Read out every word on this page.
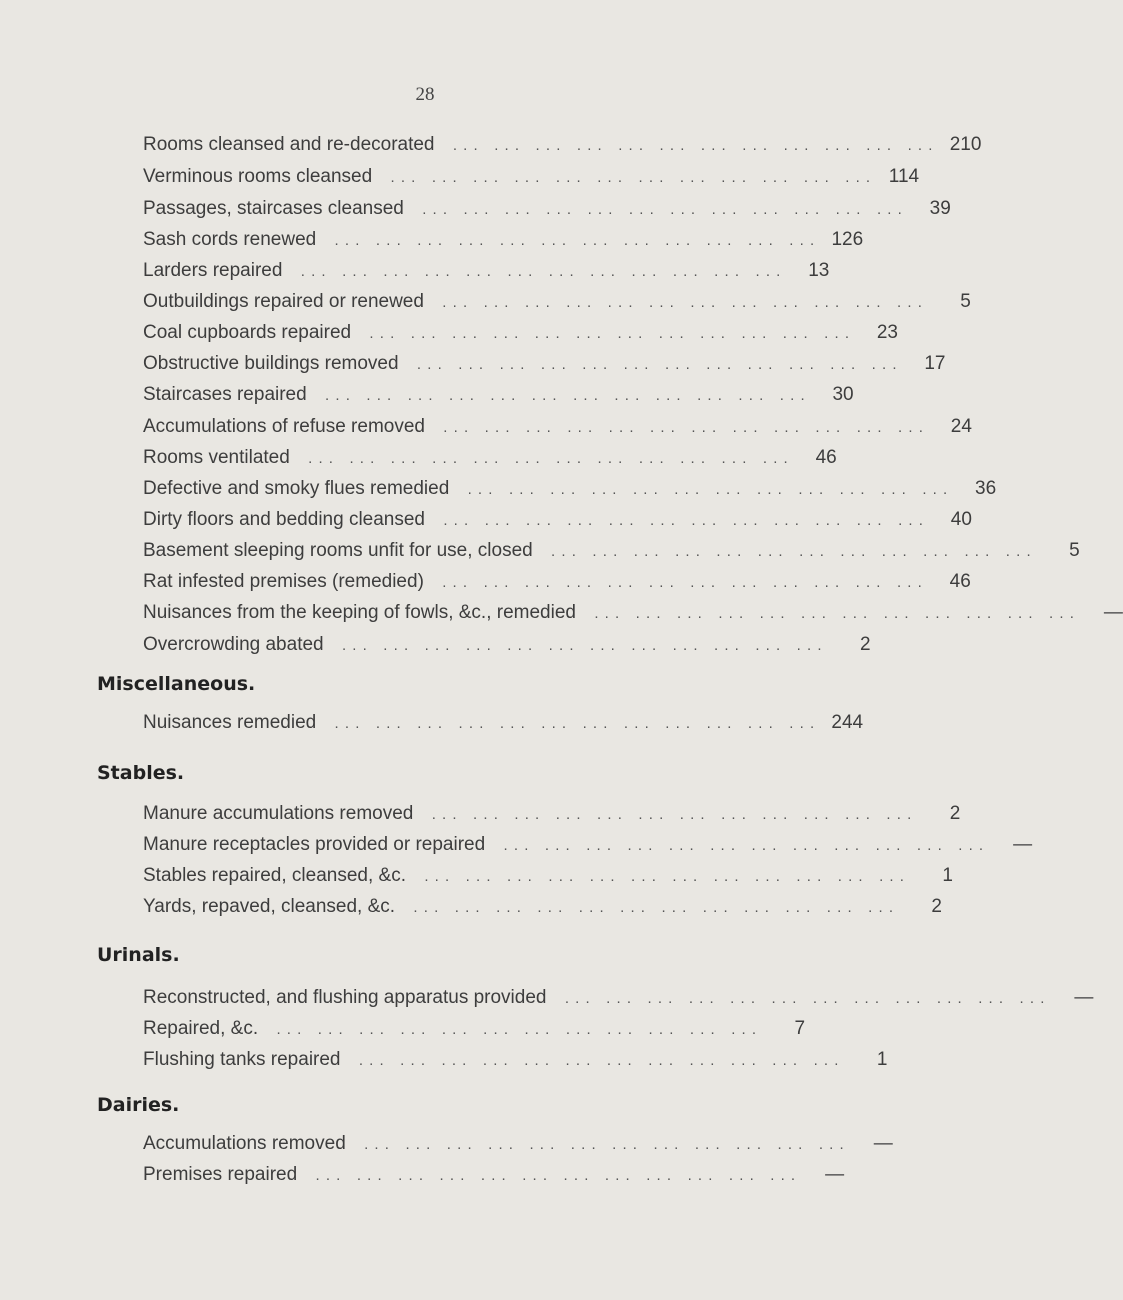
28
Rooms cleansed and re-decorated . . .   . . .   . . .   . . .   . . .   . . .   . . .   . . .   . . .   . . .   . . .   . . . 210
Verminous rooms cleansed . . .   . . .   . . .   . . .   . . .   . . .   . . .   . . .   . . .   . . .   . . .   . . . 114
Passages, staircases cleansed . . .   . . .   . . .   . . .   . . .   . . .   . . .   . . .   . . .   . . .   . . .   . . .	39
Sash cords renewed . . .   . . .   . . .   . . .   . . .   . . .   . . .   . . .   . . .   . . .   . . .   . . . 126
Larders repaired . . .   . . .   . . .   . . .   . . .   . . .   . . .   . . .   . . .   . . .   . . .   . . .	13
Outbuildings repaired or renewed . . .   . . .   . . .   . . .   . . .   . . .   . . .   . . .   . . .   . . .   . . .   . . .	5
Coal cupboards repaired . . .   . . .   . . .   . . .   . . .   . . .   . . .   . . .   . . .   . . .   . . .   . . .	23
Obstructive buildings removed . . .   . . .   . . .   . . .   . . .   . . .   . . .   . . .   . . .   . . .   . . .   . . .	17
Staircases repaired . . .   . . .   . . .   . . .   . . .   . . .   . . .   . . .   . . .   . . .   . . .   . . .	30
Accumulations of refuse removed . . .   . . .   . . .   . . .   . . .   . . .   . . .   . . .   . . .   . . .   . . .   . . .	24
Rooms ventilated . . .   . . .   . . .   . . .   . . .   . . .   . . .   . . .   . . .   . . .   . . .   . . .	46
Defective and smoky flues remedied . . .   . . .   . . .   . . .   . . .   . . .   . . .   . . .   . . .   . . .   . . .   . . .	36
Dirty floors and bedding cleansed . . .   . . .   . . .   . . .   . . .   . . .   . . .   . . .   . . .   . . .   . . .   . . .	40
Basement sleeping rooms unfit for use, closed . . .   . . .   . . .   . . .   . . .   . . .   . . .   . . .   . . .   . . .   . . .   . . .	5
Rat infested premises (remedied) . . .   . . .   . . .   . . .   . . .   . . .   . . .   . . .   . . .   . . .   . . .   . . .	46
Nuisances from the keeping of fowls, &c., remedied . . .   . . .   . . .   . . .   . . .   . . .   . . .   . . .   . . .   . . .   . . .   . . .	—
Overcrowding abated . . .   . . .   . . .   . . .   . . .   . . .   . . .   . . .   . . .   . . .   . . .   . . .	2
Miscellaneous.
Nuisances remedied . . .   . . .   . . .   . . .   . . .   . . .   . . .   . . .   . . .   . . .   . . .   . . . 244
Stables.
Manure accumulations removed . . .   . . .   . . .   . . .   . . .   . . .   . . .   . . .   . . .   . . .   . . .   . . .	2
Manure receptacles provided or repaired . . .   . . .   . . .   . . .   . . .   . . .   . . .   . . .   . . .   . . .   . . .   . . .	—
Stables repaired, cleansed, &c. . . .   . . .   . . .   . . .   . . .   . . .   . . .   . . .   . . .   . . .   . . .   . . .	1
Yards, repaved, cleansed, &c. . . .   . . .   . . .   . . .   . . .   . . .   . . .   . . .   . . .   . . .   . . .   . . .	2
Urinals.
Reconstructed, and flushing apparatus provided . . .   . . .   . . .   . . .   . . .   . . .   . . .   . . .   . . .   . . .   . . .   . . .	—
Repaired, &c. . . .   . . .   . . .   . . .   . . .   . . .   . . .   . . .   . . .   . . .   . . .   . . .	7
Flushing tanks repaired . . .   . . .   . . .   . . .   . . .   . . .   . . .   . . .   . . .   . . .   . . .   . . .	1
Dairies.
Accumulations removed . . .   . . .   . . .   . . .   . . .   . . .   . . .   . . .   . . .   . . .   . . .   . . .	—
Premises repaired . . .   . . .   . . .   . . .   . . .   . . .   . . .   . . .   . . .   . . .   . . .   . . .	—
